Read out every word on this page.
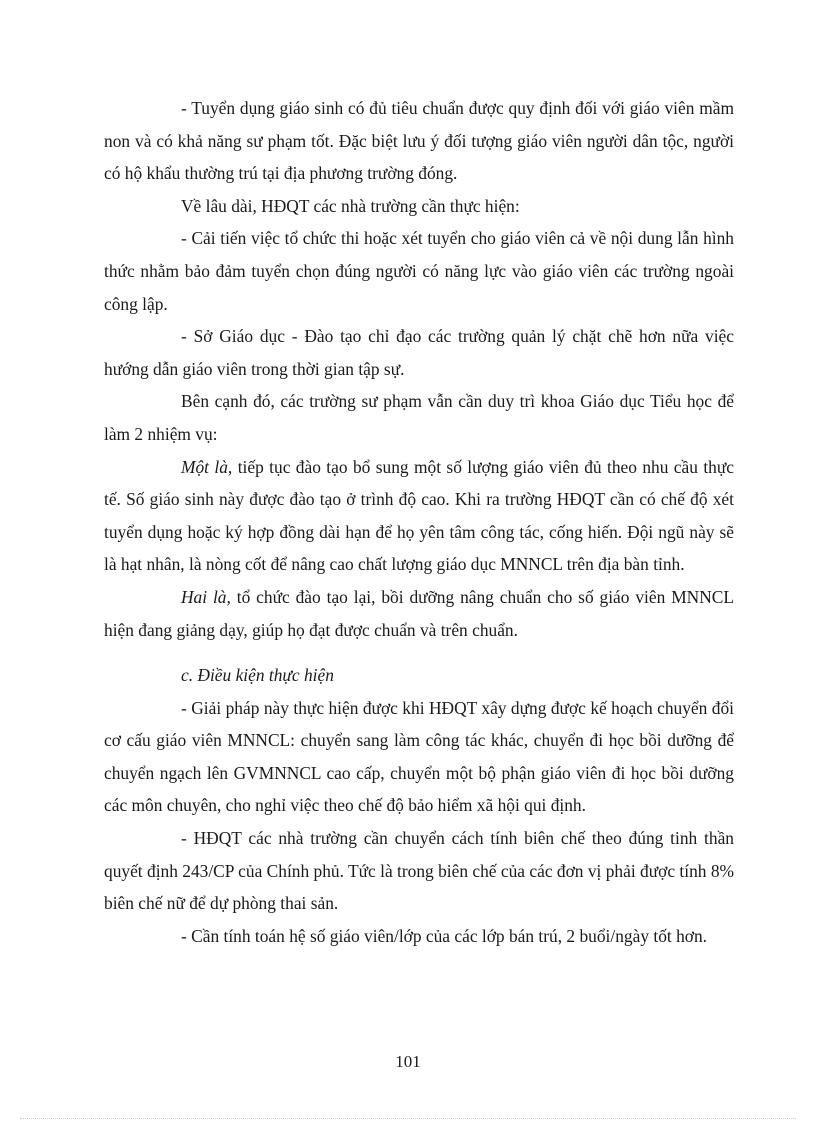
- Tuyển dụng giáo sinh có đủ tiêu chuẩn được quy định đối với giáo viên mầm non và có khả năng sư phạm tốt. Đặc biệt lưu ý đối tượng giáo viên người dân tộc, người có hộ khẩu thường trú tại địa phương trường đóng.

Về lâu dài, HĐQT các nhà trường cần thực hiện:

- Cải tiến việc tổ chức thi hoặc xét tuyển cho giáo viên cả về nội dung lẫn hình thức nhằm bảo đảm tuyển chọn đúng người có năng lực vào giáo viên các trường ngoài công lập.

- Sở Giáo dục - Đào tạo chỉ đạo các trường quản lý chặt chẽ hơn nữa việc hướng dẫn giáo viên trong thời gian tập sự.

Bên cạnh đó, các trường sư phạm vẫn cần duy trì khoa Giáo dục Tiểu học để làm 2 nhiệm vụ:

Một là, tiếp tục đào tạo bổ sung một số lượng giáo viên đủ theo nhu cầu thực tế. Số giáo sinh này được đào tạo ở trình độ cao. Khi ra trường HĐQT cần có chế độ xét tuyển dụng hoặc ký hợp đồng dài hạn để họ yên tâm công tác, cống hiến. Đội ngũ này sẽ là hạt nhân, là nòng cốt để nâng cao chất lượng giáo dục MNNCL trên địa bàn tỉnh.

Hai là, tổ chức đào tạo lại, bồi dưỡng nâng chuẩn cho số giáo viên MNNCL hiện đang giảng dạy, giúp họ đạt được chuẩn và trên chuẩn.

c. Điều kiện thực hiện

- Giải pháp này thực hiện được khi HĐQT xây dựng được kế hoạch chuyển đổi cơ cấu giáo viên MNNCL: chuyển sang làm công tác khác, chuyển đi học bồi dưỡng để chuyển ngạch lên GVMNNCL cao cấp, chuyển một bộ phận giáo viên đi học bồi dưỡng các môn chuyên, cho nghỉ việc theo chế độ bảo hiểm xã hội qui định.

- HĐQT các nhà trường cần chuyển cách tính biên chế theo đúng tinh thần quyết định 243/CP của Chính phủ. Tức là trong biên chế của các đơn vị phải được tính 8% biên chế nữ để dự phòng thai sản.

- Cần tính toán hệ số giáo viên/lớp của các lớp bán trú, 2 buổi/ngày tốt hơn.

101
